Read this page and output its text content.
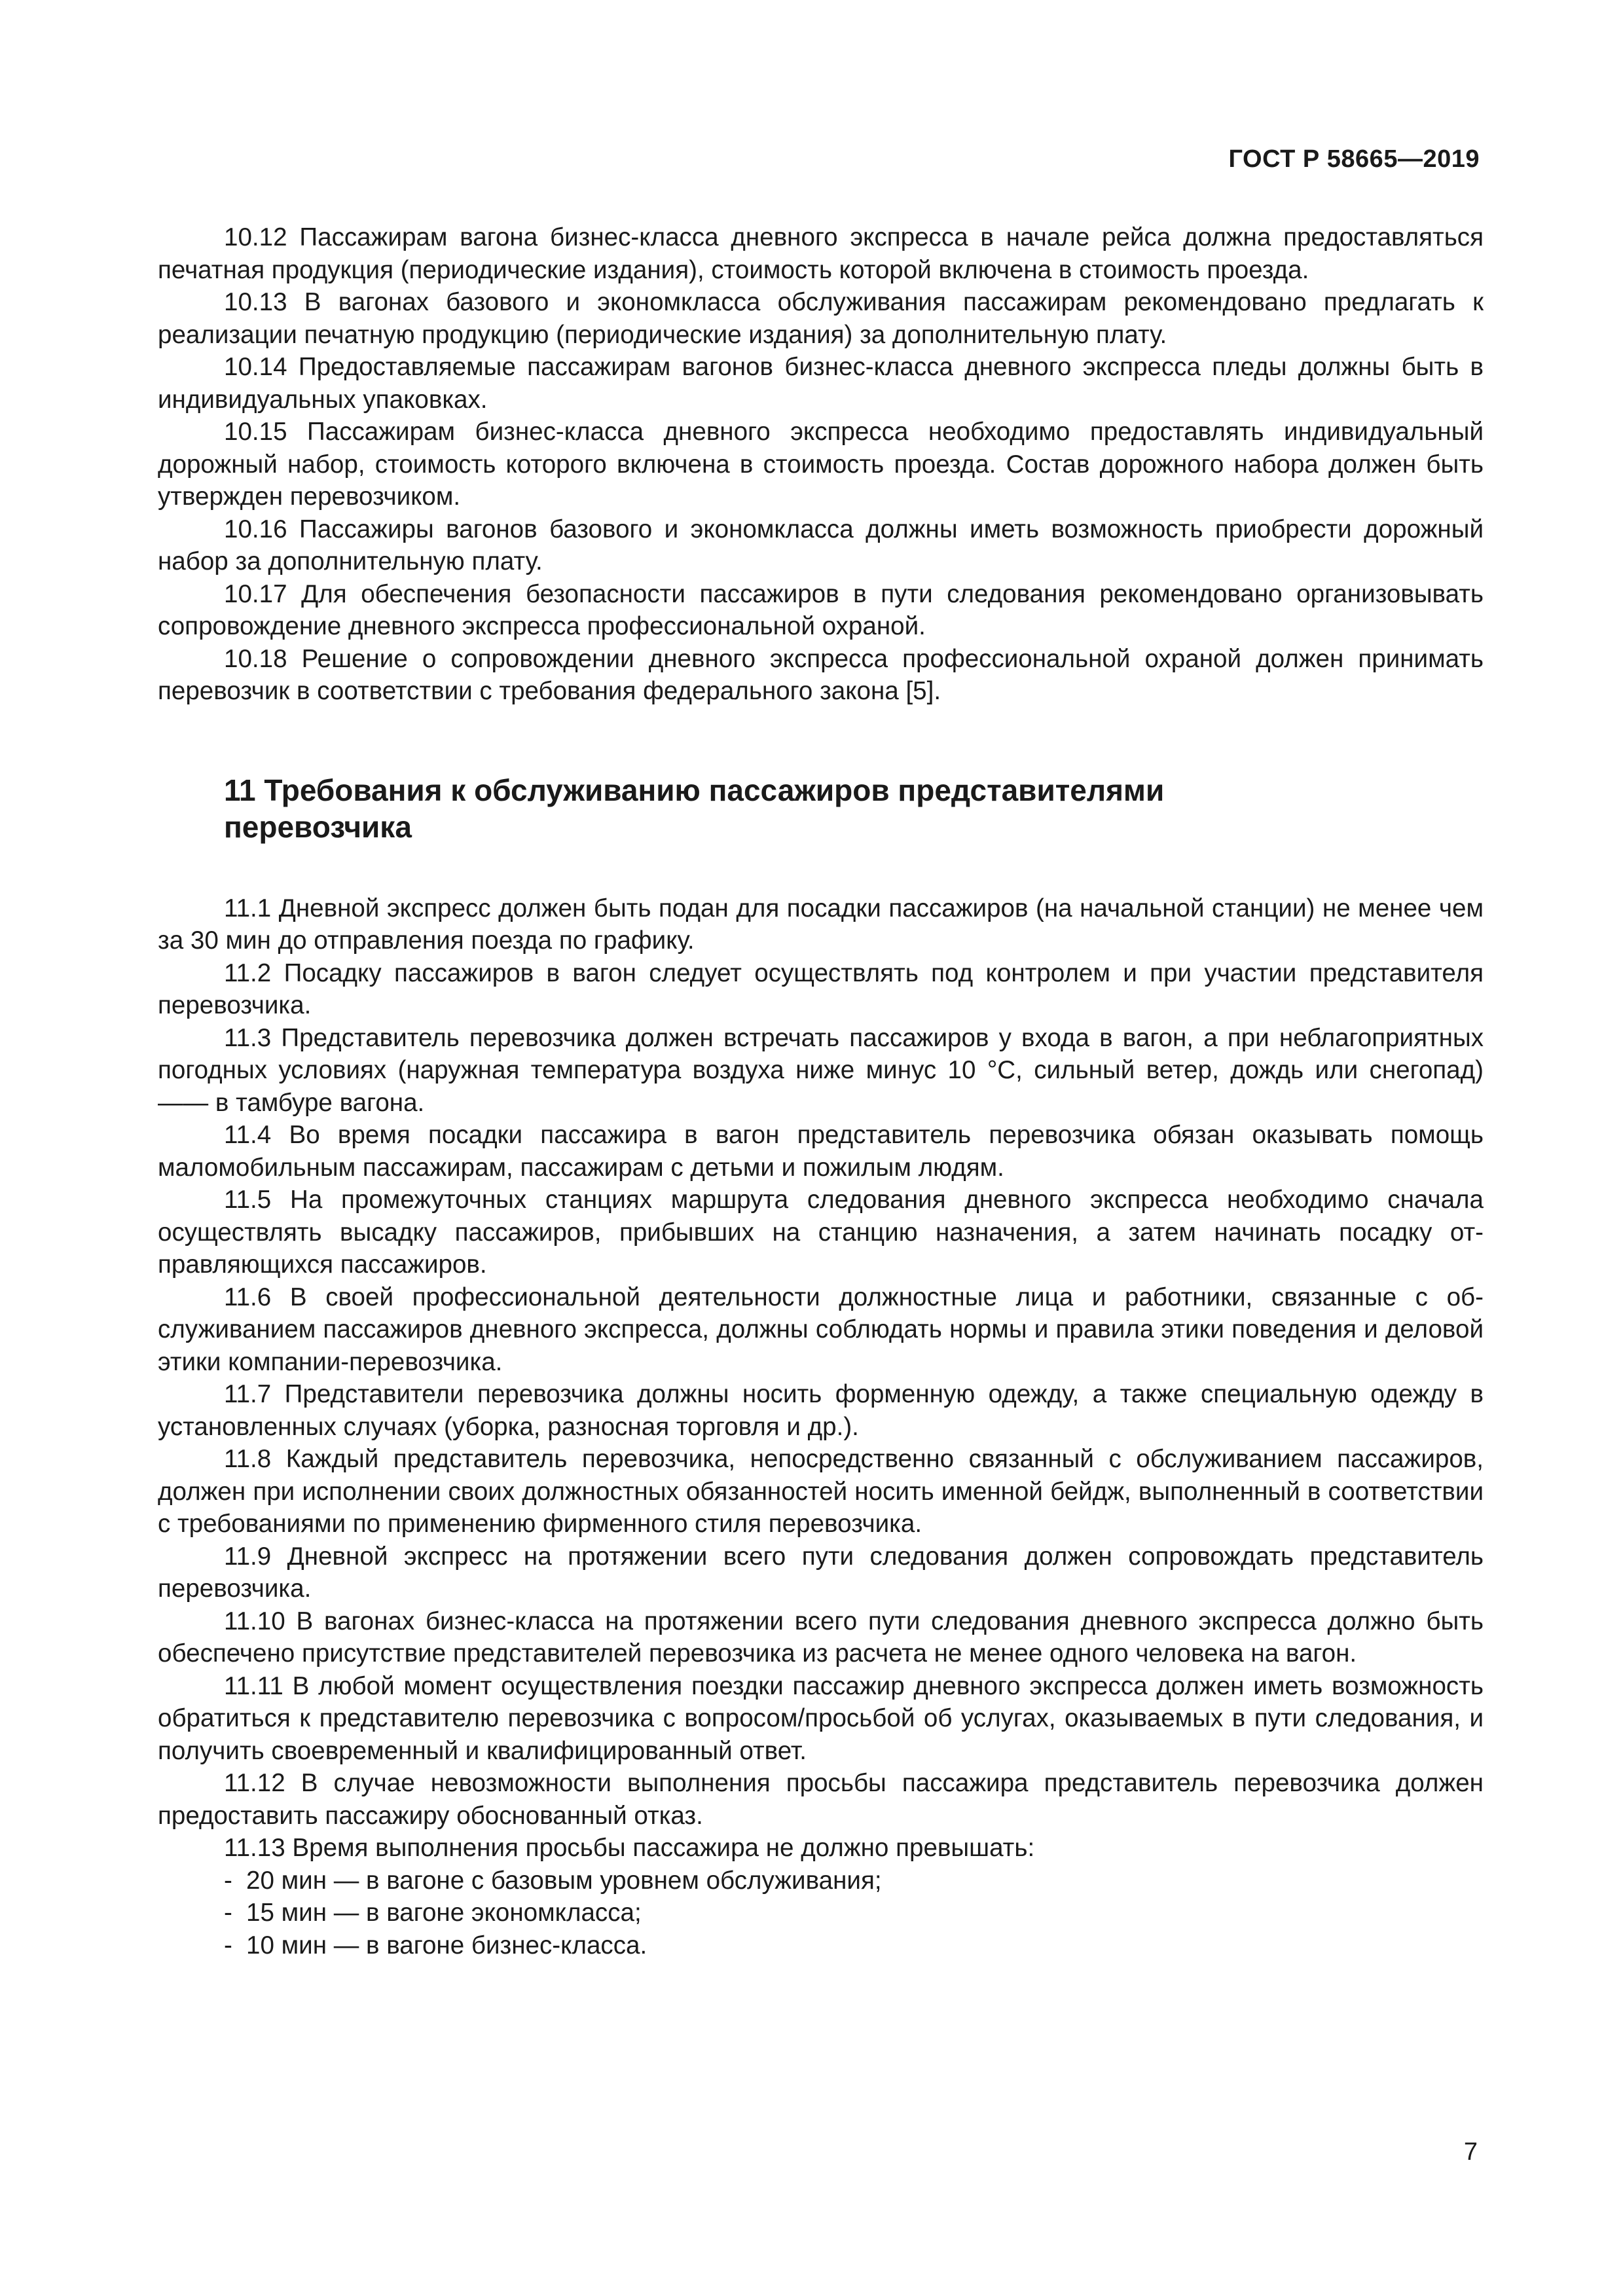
ГОСТ Р 58665—2019

10.12 Пассажирам вагона бизнес-класса дневного экспресса в начале рейса должна предоставляться печатная продукция (периодические издания), стоимость которой включена в стоимость проезда.

10.13 В вагонах базового и экономкласса обслуживания пассажирам рекомендовано предлагать к реализации печатную продукцию (периодические издания) за дополнительную плату.

10.14 Предоставляемые пассажирам вагонов бизнес-класса дневного экспресса пледы должны быть в индивидуальных упаковках.

10.15 Пассажирам бизнес-класса дневного экспресса необходимо предоставлять индивидуальный дорожный набор, стоимость которого включена в стоимость проезда. Состав дорожного набора должен быть утвержден перевозчиком.

10.16 Пассажиры вагонов базового и экономкласса должны иметь возможность приобрести дорожный набор за дополнительную плату.

10.17 Для обеспечения безопасности пассажиров в пути следования рекомендовано организовывать сопровождение дневного экспресса профессиональной охраной.

10.18 Решение о сопровождении дневного экспресса профессиональной охраной должен принимать перевозчик в соответствии с требования федерального закона [5].

11 Требования к обслуживанию пассажиров представителями перевозчика

11.1 Дневной экспресс должен быть подан для посадки пассажиров (на начальной станции) не менее чем за 30 мин до отправления поезда по графику.

11.2 Посадку пассажиров в вагон следует осуществлять под контролем и при участии представителя перевозчика.

11.3 Представитель перевозчика должен встречать пассажиров у входа в вагон, а при неблагоприятных погодных условиях (наружная температура воздуха ниже минус 10 °С, сильный ветер, дождь или снегопад) —— в тамбуре вагона.

11.4 Во время посадки пассажира в вагон представитель перевозчика обязан оказывать помощь маломобильным пассажирам, пассажирам с детьми и пожилым людям.

11.5 На промежуточных станциях маршрута следования дневного экспресса необходимо сначала осуществлять высадку пассажиров, прибывших на станцию назначения, а затем начинать посадку отправляющихся пассажиров.

11.6 В своей профессиональной деятельности должностные лица и работники, связанные с обслуживанием пассажиров дневного экспресса, должны соблюдать нормы и правила этики поведения и деловой этики компании-перевозчика.

11.7 Представители перевозчика должны носить форменную одежду, а также специальную одежду в установленных случаях (уборка, разносная торговля и др.).

11.8 Каждый представитель перевозчика, непосредственно связанный с обслуживанием пассажиров, должен при исполнении своих должностных обязанностей носить именной бейдж, выполненный в соответствии с требованиями по применению фирменного стиля перевозчика.

11.9 Дневной экспресс на протяжении всего пути следования должен сопровождать представитель перевозчика.

11.10 В вагонах бизнес-класса на протяжении всего пути следования дневного экспресса должно быть обеспечено присутствие представителей перевозчика из расчета не менее одного человека на вагон.

11.11 В любой момент осуществления поездки пассажир дневного экспресса должен иметь возможность обратиться к представителю перевозчика с вопросом/просьбой об услугах, оказываемых в пути следования, и получить своевременный и квалифицированный ответ.

11.12 В случае невозможности выполнения просьбы пассажира представитель перевозчика должен предоставить пассажиру обоснованный отказ.

11.13 Время выполнения просьбы пассажира не должно превышать:

- 20 мин — в вагоне с базовым уровнем обслуживания;
- 15 мин — в вагоне экономкласса;
- 10 мин — в вагоне бизнес-класса.
7
